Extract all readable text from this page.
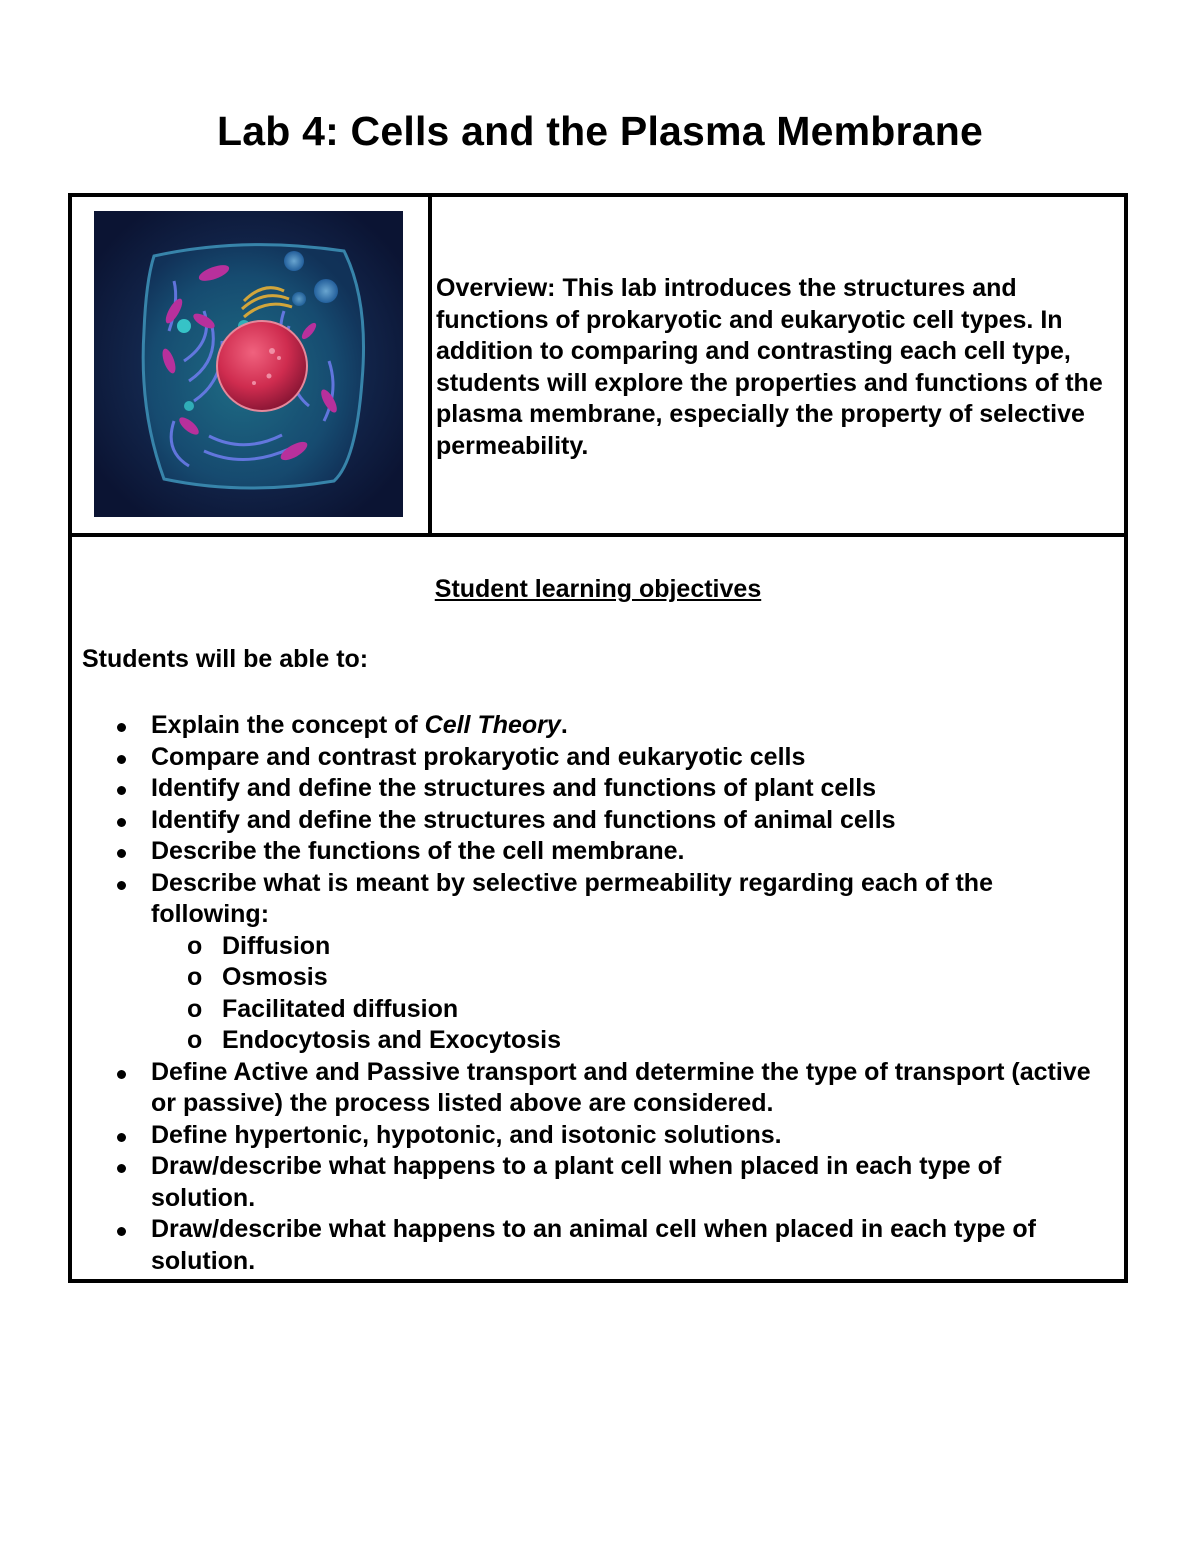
Lab 4: Cells and the Plasma Membrane
Overview: This lab introduces the structures and functions of prokaryotic and eukaryotic cell types. In addition to comparing and contrasting each cell type, students will explore the properties and functions of the plasma membrane, especially the property of selective permeability.
Student learning objectives
Students will be able to:
Explain the concept of Cell Theory.
Compare and contrast prokaryotic and eukaryotic cells
Identify and define the structures and functions of plant cells
Identify and define the structures and functions of animal cells
Describe the functions of the cell membrane.
Describe what is meant by selective permeability regarding each of the following:
o Diffusion
o Osmosis
o Facilitated diffusion
o Endocytosis and Exocytosis
Define Active and Passive transport and determine the type of transport (active or passive) the process listed above are considered.
Define hypertonic, hypotonic, and isotonic solutions.
Draw/describe what happens to a plant cell when placed in each type of solution.
Draw/describe what happens to an animal cell when placed in each type of solution.
